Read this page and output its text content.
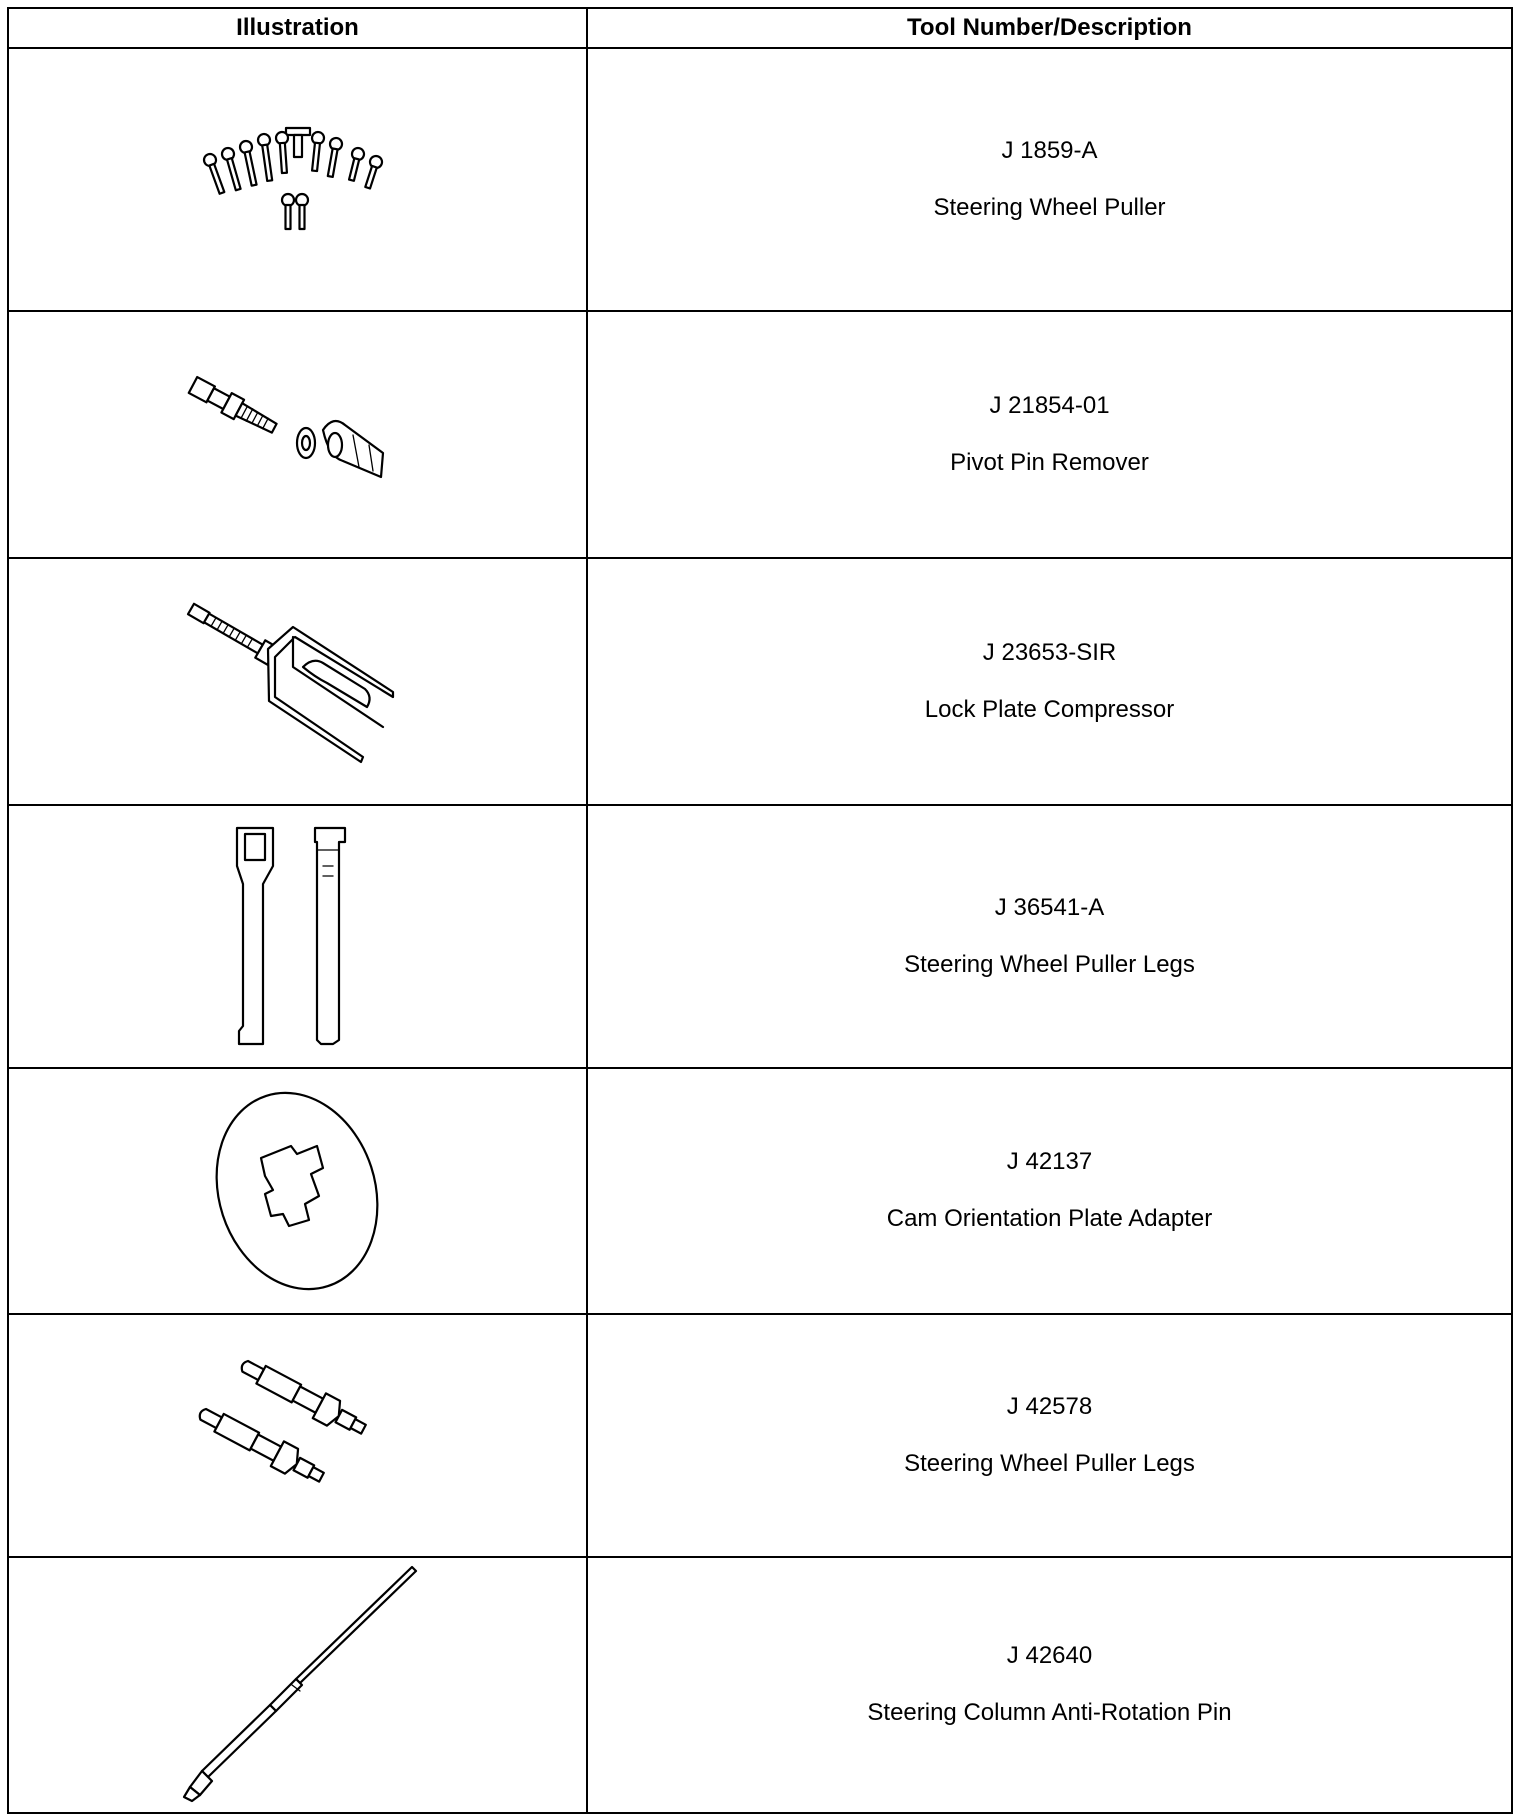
Illustration	Tool Number/Description

J 1859-A
Steering Wheel Puller

J 21854-01
Pivot Pin Remover

J 23653-SIR
Lock Plate Compressor

J 36541-A
Steering Wheel Puller Legs

J 42137
Cam Orientation Plate Adapter

J 42578
Steering Wheel Puller Legs

J 42640
Steering Column Anti-Rotation Pin
